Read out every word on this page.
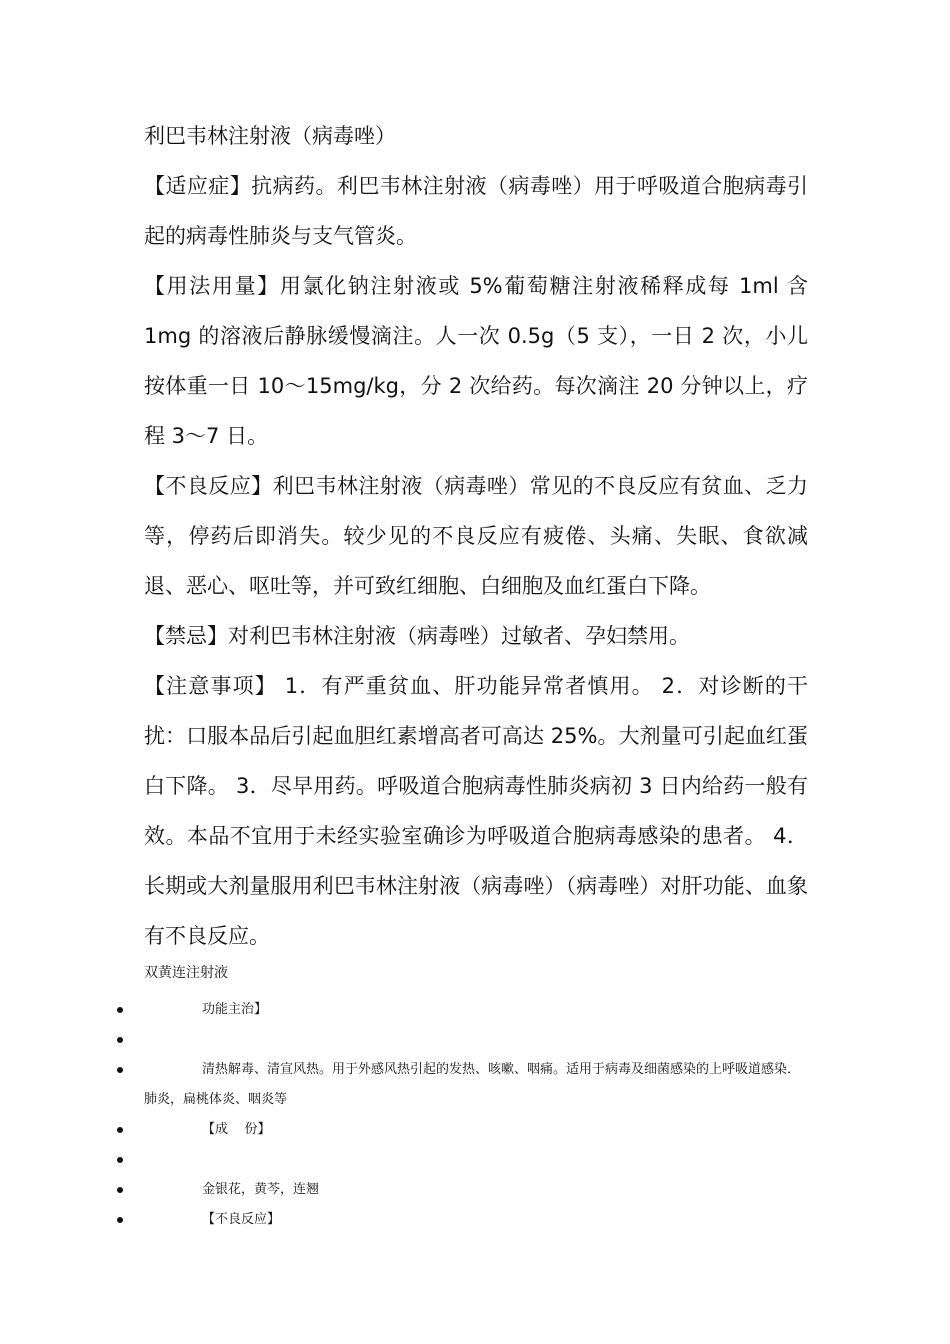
利巴韦林注射液（病毒唑）

【适应症】抗病药。利巴韦林注射液（病毒唑）用于呼吸道合胞病毒引起的病毒性肺炎与支气管炎。

【用法用量】用氯化钠注射液或 5%葡萄糖注射液稀释成每 1ml 含 1mg 的溶液后静脉缓慢滴注。人一次 0.5g（5 支），一日 2 次，小儿按体重一日 10～15mg/kg，分 2 次给药。每次滴注 20 分钟以上，疗程 3～7 日。

【不良反应】利巴韦林注射液（病毒唑）常见的不良反应有贫血、乏力等，停药后即消失。较少见的不良反应有疲倦、头痛、失眠、食欲减退、恶心、呕吐等，并可致红细胞、白细胞及血红蛋白下降。

【禁忌】对利巴韦林注射液（病毒唑）过敏者、孕妇禁用。

【注意事项】 1．有严重贫血、肝功能异常者慎用。 2．对诊断的干扰：口服本品后引起血胆红素增高者可高达 25%。大剂量可引起血红蛋白下降。 3．尽早用药。呼吸道合胞病毒性肺炎病初 3 日内给药一般有效。本品不宜用于未经实验室确诊为呼吸道合胞病毒感染的患者。 4．长期或大剂量服用利巴韦林注射液（病毒唑）（病毒唑）对肝功能、血象有不良反应。

双黄连注射液

功能主治】
清热解毒、清宣风热。用于外感风热引起的发热、咳嗽、咽痛。适用于病毒及细菌感染的上呼吸道感染．肺炎，扁桃体炎、咽炎等
【成    份】
金银花，黄芩，连翘
【不良反应】
